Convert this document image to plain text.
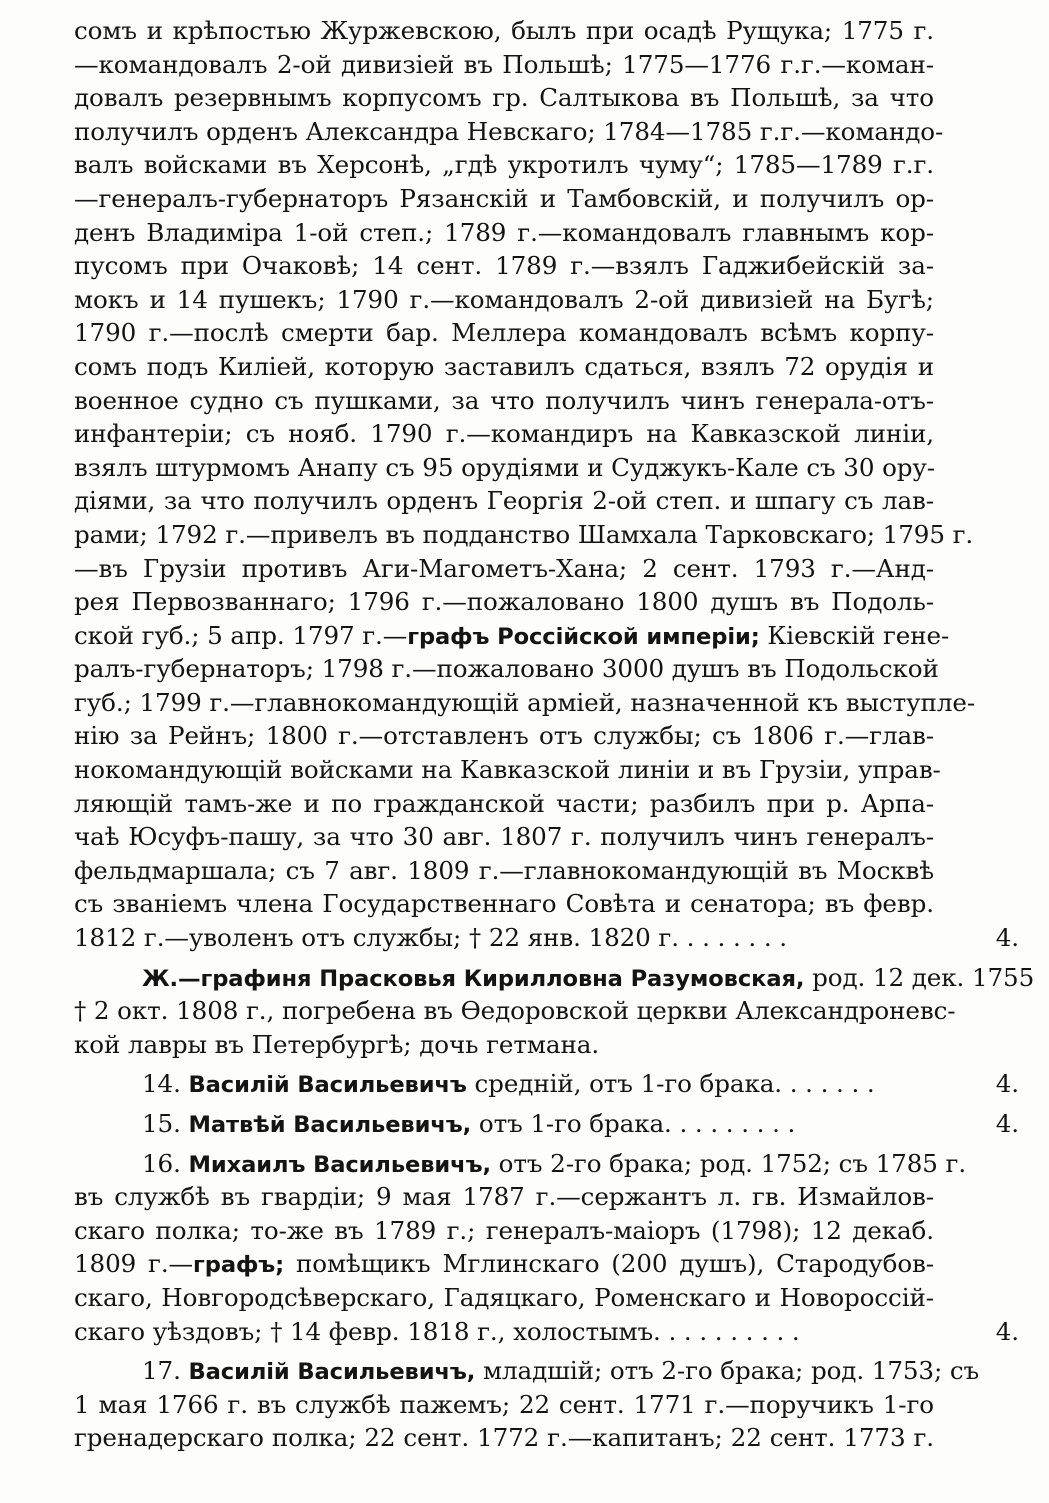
сомъ и крѣпостью Журжевскою, былъ при осадѣ Рущука; 1775 г.
—командовалъ 2-ой дивизiей въ Польшѣ; 1775—1776 г.г.—коман-
довалъ резервнымъ корпусомъ гр. Салтыкова въ Польшѣ, за что
получилъ орденъ Александра Невскаго; 1784—1785 г.г.—командо-
валъ войсками въ Херсонѣ, „гдѣ укротилъ чуму“; 1785—1789 г.г.
—генералъ-губернаторъ Рязанскiй и Тамбовскiй, и получилъ ор-
денъ Владимiра 1-ой степ.; 1789 г.—командовалъ главнымъ кор-
пусомъ при Очаковѣ; 14 сент. 1789 г.—взялъ Гаджибейскiй за-
мокъ и 14 пушекъ; 1790 г.—командовалъ 2-ой дивизiей на Бугѣ;
1790 г.—послѣ смерти бар. Меллера командовалъ всѣмъ корпу-
сомъ подъ Килiей, которую заставилъ сдаться, взялъ 72 орудiя и
военное судно съ пушками, за что получилъ чинъ генерала-отъ-
инфантерiи; съ нояб. 1790 г.—командиръ на Кавказской линiи,
взялъ штурмомъ Анапу съ 95 орудiями и Суджукъ-Кале съ 30 ору-
дiями, за что получилъ орденъ Георгiя 2-ой степ. и шпагу съ лав-
рами; 1792 г.—привелъ въ подданство Шамхала Тарковскаго; 1795 г.
—въ Грузiи противъ Аги-Магометъ-Хана; 2 сент. 1793 г.—Анд-
рея Первозваннаго; 1796 г.—пожаловано 1800 душъ въ Подоль-
ской губ.; 5 апр. 1797 г.—графъ Россiйской имперiи; Кiевскiй гене-
ралъ-губернаторъ; 1798 г.—пожаловано 3000 душъ въ Подольской
губ.; 1799 г.—главнокомандующiй армiей, назначенной къ выступле-
нiю за Рейнъ; 1800 г.—отставленъ отъ службы; съ 1806 г.—глав-
нокомандующiй войсками на Кавказской линiи и въ Грузiи, управ-
ляющiй тамъ-же и по гражданской части; разбилъ при р. Арпа-
чаѣ Юсуфъ-пашу, за что 30 авг. 1807 г. получилъ чинъ генералъ-
фельдмаршала; съ 7 авг. 1809 г.—главнокомандующiй въ Москвѣ
съ званiемъ члена Государственнаго Совѣта и сенатора; въ февр.
1812 г.—уволенъ отъ службы; † 22 янв. 1820 г. . . . . . . .	4.
Ж.—графиня Прасковья Кирилловна Разумовская, род. 12 дек. 1755
† 2 окт. 1808 г., погребена въ Ѳедоровской церкви Александроневс-
кой лавры въ Петербургѣ; дочь гетмана.
14. Василiй Васильевичъ среднiй, отъ 1-го брака. . . . . . .	4.
15. Матвѣй Васильевичъ, отъ 1-го брака. . . . . . . . .	4.
16. Михаилъ Васильевичъ, отъ 2-го брака; род. 1752; съ 1785 г.
въ службѣ въ гвардiи; 9 мая 1787 г.—сержантъ л. гв. Измайлов-
скаго полка; то-же въ 1789 г.; генералъ-маiоръ (1798); 12 декаб.
1809 г.—графъ; помѣщикъ Мглинскаго (200 душъ), Стародубов-
скаго, Новгородсѣверскаго, Гадяцкаго, Роменскаго и Новороссiй-
скаго уѣздовъ; † 14 февр. 1818 г., холостымъ. . . . . . . . . .	4.
17. Василiй Васильевичъ, младшiй; отъ 2-го брака; род. 1753; съ
1 мая 1766 г. въ службѣ пажемъ; 22 сент. 1771 г.—поручикъ 1-го
гренадерскаго полка; 22 сент. 1772 г.—капитанъ; 22 сент. 1773 г.
